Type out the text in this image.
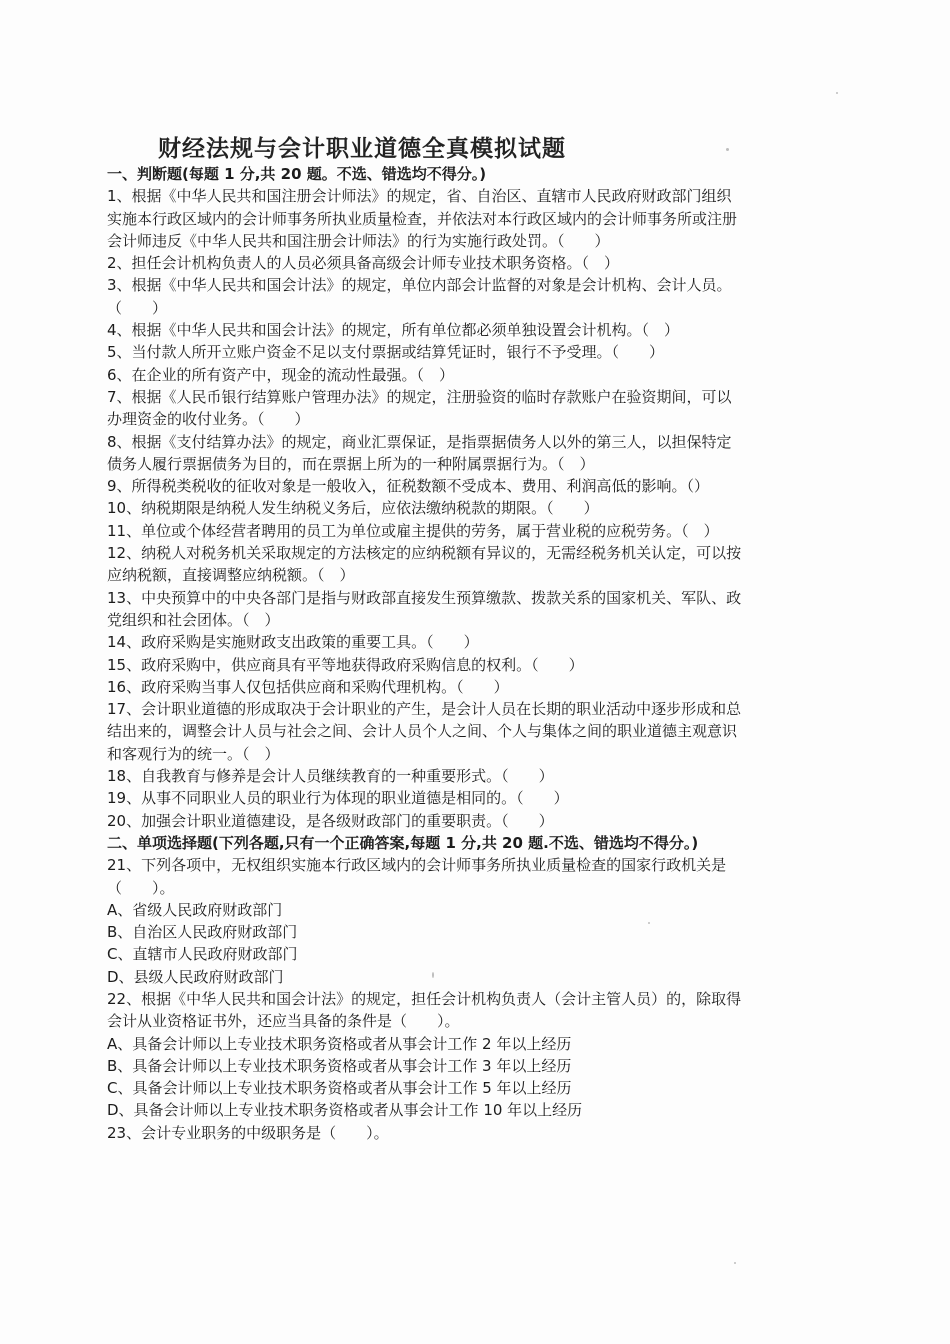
财经法规与会计职业道德全真模拟试题
一、判断题(每题 1 分,共 20 题。不选、错选均不得分。)
1、根据《中华人民共和国注册会计师法》的规定，省、自治区、直辖市人民政府财政部门组织
实施本行政区域内的会计师事务所执业质量检查，并依法对本行政区域内的会计师事务所或注册
会计师违反《中华人民共和国注册会计师法》的行为实施行政处罚。（　　）
2、担任会计机构负责人的人员必须具备高级会计师专业技术职务资格。（　）
3、根据《中华人民共和国会计法》的规定，单位内部会计监督的对象是会计机构、会计人员。
（　　）
4、根据《中华人民共和国会计法》的规定，所有单位都必须单独设置会计机构。（　）
5、当付款人所开立账户资金不足以支付票据或结算凭证时，银行不予受理。（　　）
6、在企业的所有资产中，现金的流动性最强。（　）
7、根据《人民币银行结算账户管理办法》的规定，注册验资的临时存款账户在验资期间，可以
办理资金的收付业务。（　　）
8、根据《支付结算办法》的规定，商业汇票保证，是指票据债务人以外的第三人，以担保特定
债务人履行票据债务为目的，而在票据上所为的一种附属票据行为。（　）
9、所得税类税收的征收对象是一般收入，征税数额不受成本、费用、利润高低的影响。（）
10、纳税期限是纳税人发生纳税义务后，应依法缴纳税款的期限。（　　）
11、单位或个体经营者聘用的员工为单位或雇主提供的劳务，属于营业税的应税劳务。（　）
12、纳税人对税务机关采取规定的方法核定的应纳税额有异议的，无需经税务机关认定，可以按
应纳税额，直接调整应纳税额。（　）
13、中央预算中的中央各部门是指与财政部直接发生预算缴款、拨款关系的国家机关、军队、政
党组织和社会团体。（　）
14、政府采购是实施财政支出政策的重要工具。（　　）
15、政府采购中，供应商具有平等地获得政府采购信息的权利。（　　）
16、政府采购当事人仅包括供应商和采购代理机构。（　　）
17、会计职业道德的形成取决于会计职业的产生，是会计人员在长期的职业活动中逐步形成和总
结出来的，调整会计人员与社会之间、会计人员个人之间、个人与集体之间的职业道德主观意识
和客观行为的统一。（　）
18、自我教育与修养是会计人员继续教育的一种重要形式。（　　）
19、从事不同职业人员的职业行为体现的职业道德是相同的。（　　）
20、加强会计职业道德建设，是各级财政部门的重要职责。（　　）
二、单项选择题(下列各题,只有一个正确答案,每题 1 分,共 20 题.不选、错选均不得分。)
21、下列各项中，无权组织实施本行政区域内的会计师事务所执业质量检查的国家行政机关是
（　　）。
A、省级人民政府财政部门
B、自治区人民政府财政部门
C、直辖市人民政府财政部门
D、县级人民政府财政部门
22、根据《中华人民共和国会计法》的规定，担任会计机构负责人（会计主管人员）的，除取得
会计从业资格证书外，还应当具备的条件是（　　）。
A、具备会计师以上专业技术职务资格或者从事会计工作 2 年以上经历
B、具备会计师以上专业技术职务资格或者从事会计工作 3 年以上经历
C、具备会计师以上专业技术职务资格或者从事会计工作 5 年以上经历
D、具备会计师以上专业技术职务资格或者从事会计工作 10 年以上经历
23、会计专业职务的中级职务是（　　）。
